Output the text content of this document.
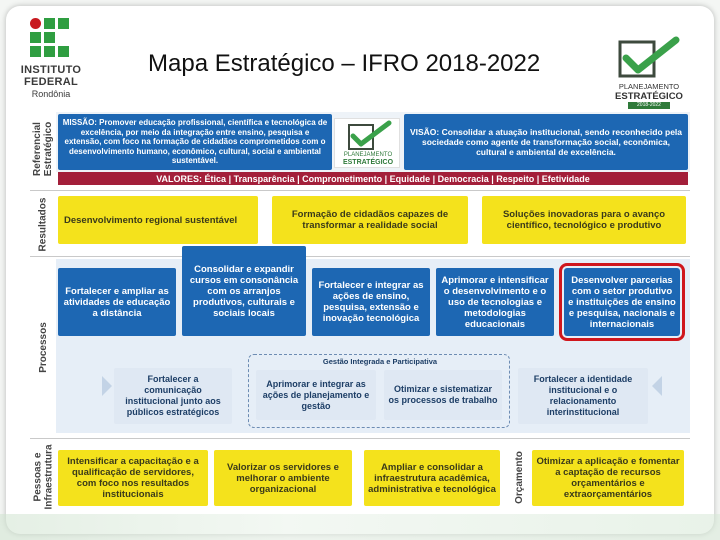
INSTITUTO
FEDERAL
Rondônia
Mapa Estratégico – IFRO 2018-2022
PLANEJAMENTO
ESTRATÉGICO
2018-2022
Referencial Estratégico	MISSÃO: Promover educação profissional, científica e tecnológica de excelência, por meio da integração entre ensino, pesquisa e extensão, com foco na formação de cidadãos comprometidos com o desenvolvimento humano, econômico, cultural, social e ambiental sustentável.
PLANEJAMENTO
ESTRATÉGICO
VISÃO: Consolidar a atuação institucional, sendo reconhecido pela sociedade como agente de transformação social, econômica, cultural e ambiental de excelência.
VALORES: Ética | Transparência | Comprometimento | Equidade | Democracia | Respeito | Efetividade
Resultados	Desenvolvimento regional sustentável	Formação de cidadãos capazes de transformar a realidade social
Soluções inovadoras para o avanço científico, tecnológico e produtivo
Processos
Fortalecer e ampliar as atividades de educação a distância
Consolidar e expandir cursos em consonância com os arranjos produtivos, culturais e sociais locais
Fortalecer e integrar as ações de ensino, pesquisa, extensão e inovação tecnológica
Aprimorar e intensificar o desenvolvimento e o uso de tecnologias e metodologias educacionais
Desenvolver parcerias com o setor produtivo e instituições de ensino e pesquisa, nacionais e internacionais
Gestão Integrada e Participativa
Fortalecer a comunicação institucional junto aos públicos estratégicos
Aprimorar e integrar as ações de planejamento e gestão
Otimizar e sistematizar os processos de trabalho
Fortalecer a identidade institucional e o relacionamento interinstitucional
Pessoas e Infraestrutura	Intensificar a capacitação e a qualificação de servidores, com foco nos resultados institucionais
Valorizar os servidores e melhorar o ambiente organizacional
Ampliar e consolidar a infraestrutura acadêmica, administrativa e tecnológica	Orçamento	Otimizar a aplicação e fomentar a captação de recursos orçamentários e extraorçamentários
